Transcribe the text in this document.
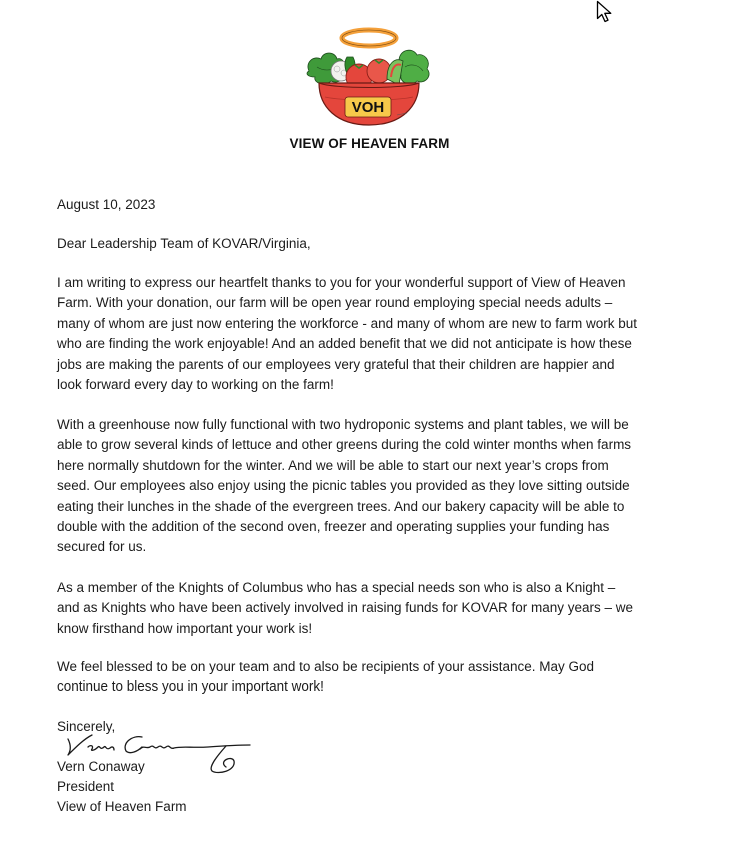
VOH
VIEW OF HEAVEN FARM
August 10, 2023
Dear Leadership Team of KOVAR/Virginia,
I am writing to express our heartfelt thanks to you for your wonderful support of View of Heaven
Farm. With your donation, our farm will be open year round employing special needs adults –
many of whom are just now entering the workforce - and many of whom are new to farm work but
who are finding the work enjoyable! And an added benefit that we did not anticipate is how these
jobs are making the parents of our employees very grateful that their children are happier and
look forward every day to working on the farm!
With a greenhouse now fully functional with two hydroponic systems and plant tables, we will be
able to grow several kinds of lettuce and other greens during the cold winter months when farms
here normally shutdown for the winter. And we will be able to start our next year’s crops from
seed. Our employees also enjoy using the picnic tables you provided as they love sitting outside
eating their lunches in the shade of the evergreen trees. And our bakery capacity will be able to
double with the addition of the second oven, freezer and operating supplies your funding has
secured for us.
As a member of the Knights of Columbus who has a special needs son who is also a Knight –
and as Knights who have been actively involved in raising funds for KOVAR for many years – we
know firsthand how important your work is!
We feel blessed to be on your team and to also be recipients of your assistance. May God
continue to bless you in your important work!
Sincerely,
Vern Conaway
President
View of Heaven Farm
